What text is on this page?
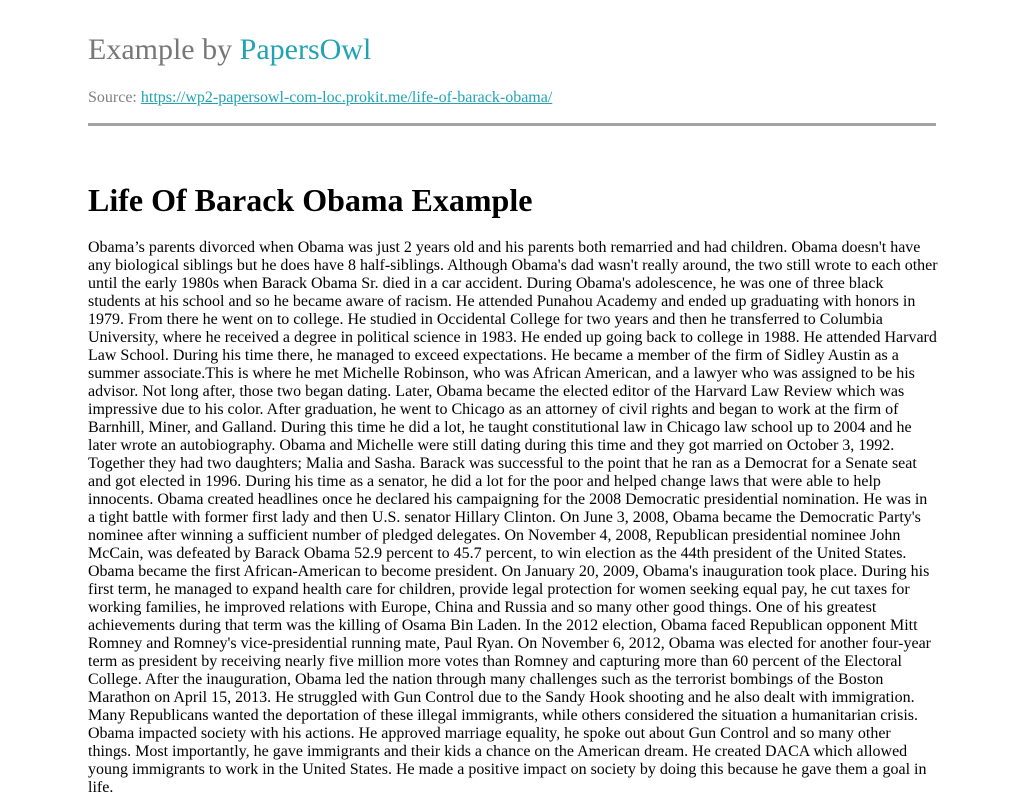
Example by PapersOwl
Source: https://wp2-papersowl-com-loc.prokit.me/life-of-barack-obama/
Life Of Barack Obama Example

Obama’s parents divorced when Obama was just 2 years old and his parents both remarried and had children. Obama doesn't have
any biological siblings but he does have 8 half-siblings. Although Obama's dad wasn't really around, the two still wrote to each other
until the early 1980s when Barack Obama Sr. died in a car accident. During Obama's adolescence, he was one of three black
students at his school and so he became aware of racism. He attended Punahou Academy and ended up graduating with honors in
1979. From there he went on to college. He studied in Occidental College for two years and then he transferred to Columbia
University, where he received a degree in political science in 1983. He ended up going back to college in 1988. He attended Harvard
Law School. During his time there, he managed to exceed expectations. He became a member of the firm of Sidley Austin as a
summer associate.This is where he met Michelle Robinson, who was African American, and a lawyer who was assigned to be his
advisor. Not long after, those two began dating. Later, Obama became the elected editor of the Harvard Law Review which was
impressive due to his color. After graduation, he went to Chicago as an attorney of civil rights and began to work at the firm of
Barnhill, Miner, and Galland. During this time he did a lot, he taught constitutional law in Chicago law school up to 2004 and he
later wrote an autobiography. Obama and Michelle were still dating during this time and they got married on October 3, 1992.
Together they had two daughters; Malia and Sasha. Barack was successful to the point that he ran as a Democrat for a Senate seat
and got elected in 1996. During his time as a senator, he did a lot for the poor and helped change laws that were able to help
innocents. Obama created headlines once he declared his campaigning for the 2008 Democratic presidential nomination. He was in
a tight battle with former first lady and then U.S. senator Hillary Clinton. On June 3, 2008, Obama became the Democratic Party's
nominee after winning a sufficient number of pledged delegates. On November 4, 2008, Republican presidential nominee John
McCain, was defeated by Barack Obama 52.9 percent to 45.7 percent, to win election as the 44th president of the United States.
Obama became the first African-American to become president. On January 20, 2009, Obama's inauguration took place. During his
first term, he managed to expand health care for children, provide legal protection for women seeking equal pay, he cut taxes for
working families, he improved relations with Europe, China and Russia and so many other good things. One of his greatest
achievements during that term was the killing of Osama Bin Laden. In the 2012 election, Obama faced Republican opponent Mitt
Romney and Romney's vice-presidential running mate, Paul Ryan. On November 6, 2012, Obama was elected for another four-year
term as president by receiving nearly five million more votes than Romney and capturing more than 60 percent of the Electoral
College. After the inauguration, Obama led the nation through many challenges such as the terrorist bombings of the Boston
Marathon on April 15, 2013. He struggled with Gun Control due to the Sandy Hook shooting and he also dealt with immigration.
Many Republicans wanted the deportation of these illegal immigrants, while others considered the situation a humanitarian crisis.
Obama impacted society with his actions. He approved marriage equality, he spoke out about Gun Control and so many other
things. Most importantly, he gave immigrants and their kids a chance on the American dream. He created DACA which allowed
young immigrants to work in the United States. He made a positive impact on society by doing this because he gave them a goal in
life.
